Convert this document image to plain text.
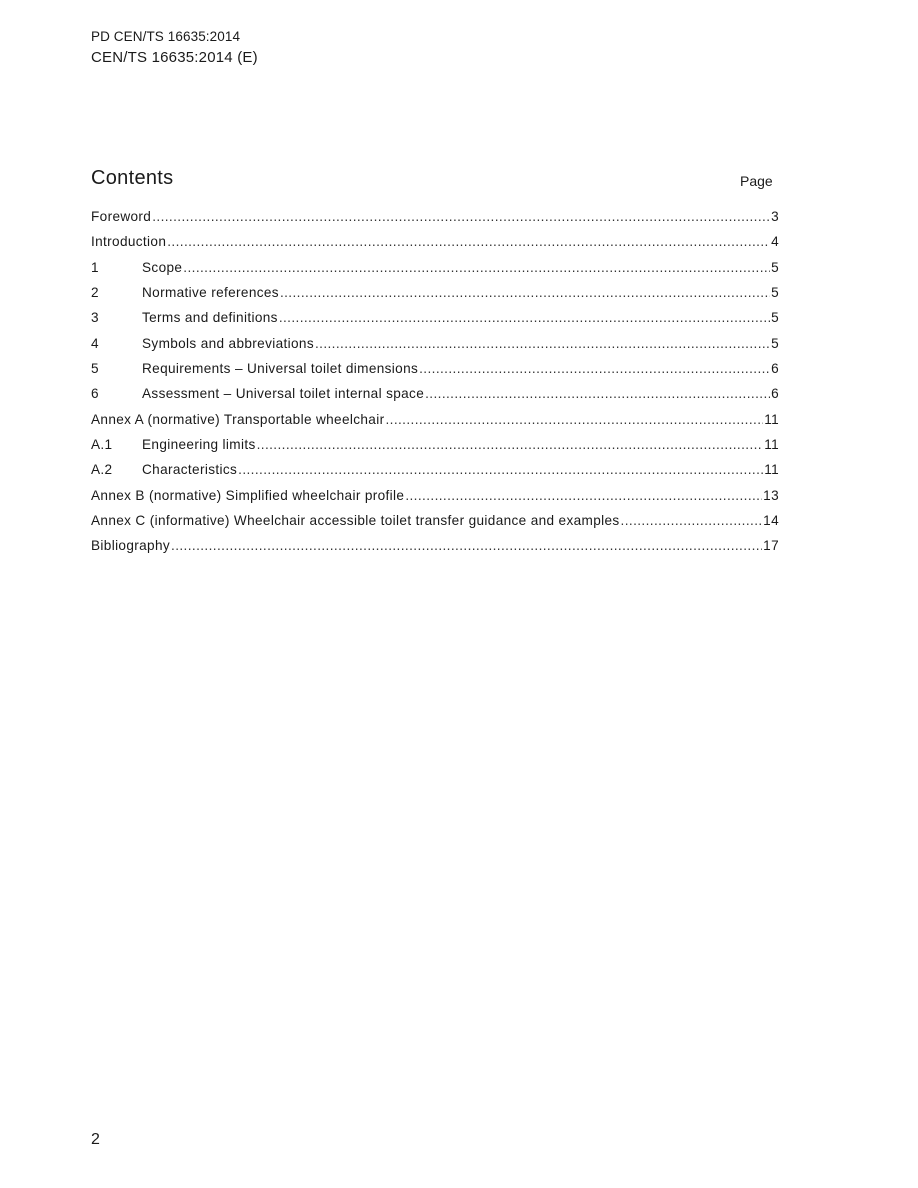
PD CEN/TS 16635:2014
CEN/TS 16635:2014 (E)
Contents	Page
Foreword .....	3
Introduction .....	4
1	Scope .....	5
2	Normative references .....	5
3	Terms and definitions .....	5
4	Symbols and abbreviations .....	5
5	Requirements – Universal toilet dimensions .....	6
6	Assessment – Universal toilet internal space .....	6
Annex A (normative) Transportable wheelchair .....	11
A.1	Engineering limits .....	11
A.2	Characteristics .....	11
Annex B (normative) Simplified wheelchair profile .....	13
Annex C (informative) Wheelchair accessible toilet transfer guidance and examples .....	14
Bibliography .....	17
2
